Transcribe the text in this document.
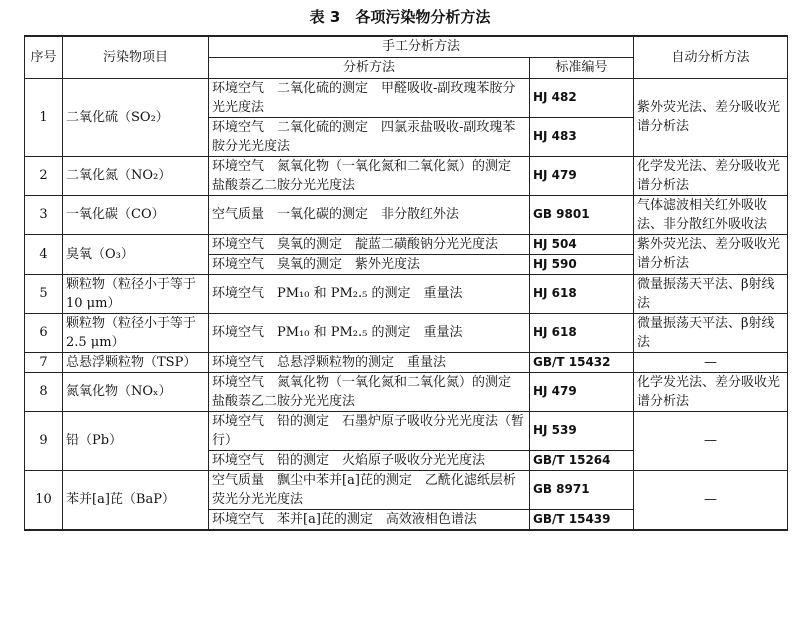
表 3　各项污染物分析方法
序号	污染物项目	手工分析方法		自动分析方法
		分析方法	标准编号	
1	二氧化硫（SO₂）	环境空气　二氧化硫的测定　甲醛吸收-副玫瑰苯胺分光光度法	HJ 482	紫外荧光法、差分吸收光谱分析法
		环境空气　二氧化硫的测定　四氯汞盐吸收-副玫瑰苯胺分光光度法	HJ 483	
2	二氧化氮（NO₂）	环境空气　氮氧化物（一氧化氮和二氧化氮）的测定　盐酸萘乙二胺分光光度法	HJ 479	化学发光法、差分吸收光谱分析法
3	一氧化碳（CO）	空气质量　一氧化碳的测定　非分散红外法	GB 9801	气体滤波相关红外吸收法、非分散红外吸收法
4	臭氧（O₃）	环境空气　臭氧的测定　靛蓝二磺酸钠分光光度法	HJ 504	紫外荧光法、差分吸收光谱分析法
		环境空气　臭氧的测定　紫外光度法	HJ 590	
5	颗粒物（粒径小于等于10 μm）	环境空气　PM₁₀ 和 PM₂.₅ 的测定　重量法	HJ 618	微量振荡天平法、β射线法
6	颗粒物（粒径小于等于2.5 μm）	环境空气　PM₁₀ 和 PM₂.₅ 的测定　重量法	HJ 618	微量振荡天平法、β射线法
7	总悬浮颗粒物（TSP）	环境空气　总悬浮颗粒物的测定　重量法	GB/T 15432	—
8	氮氧化物（NOₓ）	环境空气　氮氧化物（一氧化氮和二氧化氮）的测定　盐酸萘乙二胺分光光度法	HJ 479	化学发光法、差分吸收光谱分析法
9	铅（Pb）	环境空气　铅的测定　石墨炉原子吸收分光光度法（暂行）	HJ 539	—
		环境空气　铅的测定　火焰原子吸收分光光度法	GB/T 15264	
10	苯并[a]芘（BaP）	空气质量　飘尘中苯并[a]芘的测定　乙酰化滤纸层析荧光分光光度法	GB 8971	—
		环境空气　苯并[a]芘的测定　高效液相色谱法	GB/T 15439	
